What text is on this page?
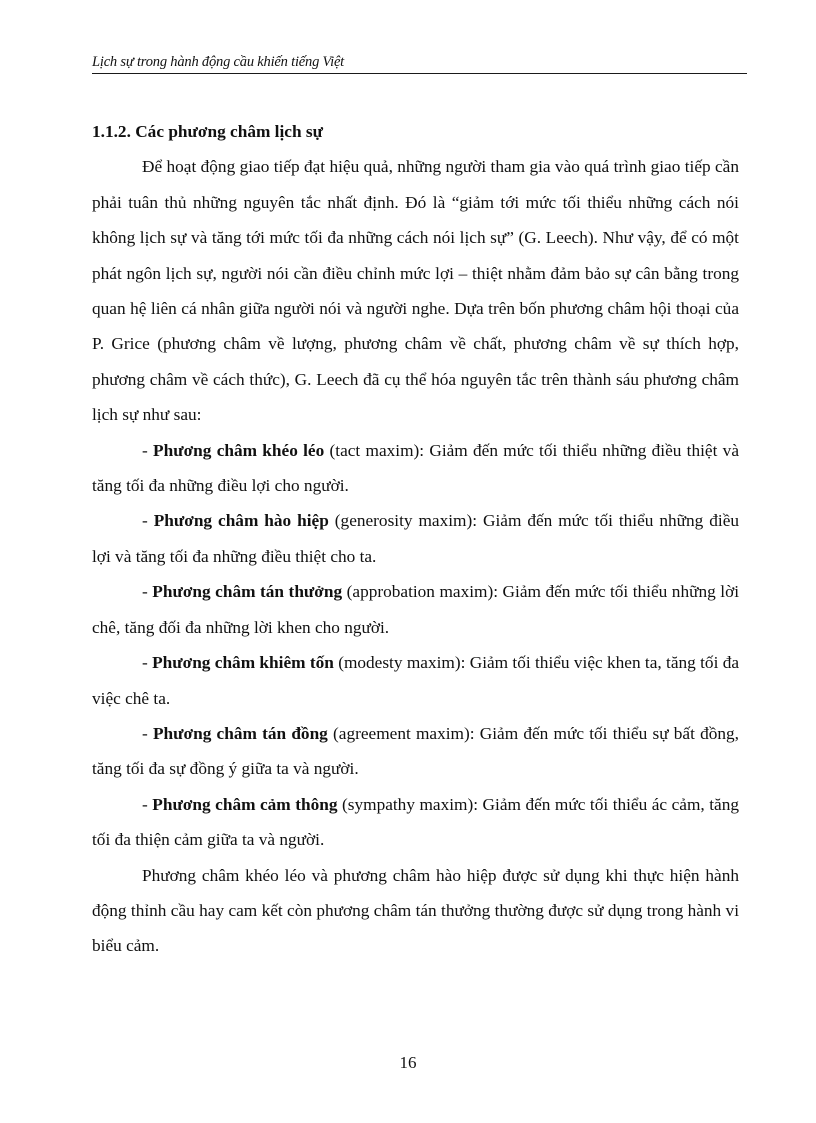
Lịch sự trong hành động cầu khiến tiếng Việt

1.1.2. Các phương châm lịch sự

Để hoạt động giao tiếp đạt hiệu quả, những người tham gia vào quá trình giao tiếp cần phải tuân thủ những nguyên tắc nhất định. Đó là “giảm tới mức tối thiểu những cách nói không lịch sự và tăng tới mức tối đa những cách nói lịch sự” (G. Leech). Như vậy, để có một phát ngôn lịch sự, người nói cần điều chỉnh mức lợi – thiệt nhằm đảm bảo sự cân bằng trong quan hệ liên cá nhân giữa người nói và người nghe. Dựa trên bốn phương châm hội thoại của P. Grice (phương châm về lượng, phương châm về chất, phương châm về sự thích hợp, phương châm về cách thức), G. Leech đã cụ thể hóa nguyên tắc trên thành sáu phương châm lịch sự như sau:

- Phương châm khéo léo (tact maxim): Giảm đến mức tối thiểu những điều thiệt và tăng tối đa những điều lợi cho người.

- Phương châm hào hiệp (generosity maxim): Giảm đến mức tối thiểu những điều lợi và tăng tối đa những điều thiệt cho ta.

- Phương châm tán thưởng (approbation maxim): Giảm đến mức tối thiểu những lời chê, tăng đối đa những lời khen cho người.

- Phương châm khiêm tốn (modesty maxim): Giảm tối thiểu việc khen ta, tăng tối đa việc chê ta.

- Phương châm tán đồng (agreement maxim): Giảm đến mức tối thiểu sự bất đồng, tăng tối đa sự đồng ý giữa ta và người.

- Phương châm cảm thông (sympathy maxim): Giảm đến mức tối thiểu ác cảm, tăng tối đa thiện cảm giữa ta và người.

Phương châm khéo léo và phương châm hào hiệp được sử dụng khi thực hiện hành động thỉnh cầu hay cam kết còn phương châm tán thưởng thường được sử dụng trong hành vi biểu cảm.

16
